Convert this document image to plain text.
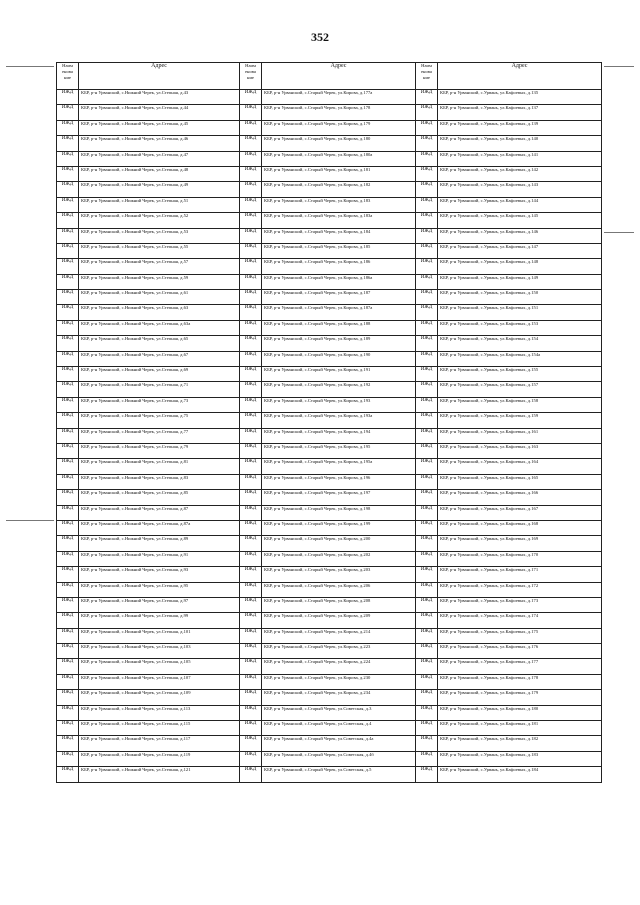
352
Наим енова ние	Адрес	Наим енова ние	Адрес	Наим енова ние	Адрес
ИЖД	КБР, р-н Урванский, с.Нижний Черек, ул.Степная, д.43	ИЖД	КБР, р-н Урванский, с.Старый Черек, ул.Кирова, д.177а	ИЖД	КБР, р-н Урванский, с.Урвань, ул.Кафоевых, д.135
ИЖД	КБР, р-н Урванский, с.Нижний Черек, ул.Степная, д.44	ИЖД	КБР, р-н Урванский, с.Старый Черек, ул.Кирова, д.178	ИЖД	КБР, р-н Урванский, с.Урвань, ул.Кафоевых, д.137
ИЖД	КБР, р-н Урванский, с.Нижний Черек, ул.Степная, д.45	ИЖД	КБР, р-н Урванский, с.Старый Черек, ул.Кирова, д.179	ИЖД	КБР, р-н Урванский, с.Урвань, ул.Кафоевых, д.139
ИЖД	КБР, р-н Урванский, с.Нижний Черек, ул.Степная, д.46	ИЖД	КБР, р-н Урванский, с.Старый Черек, ул.Кирова, д.180	ИЖД	КБР, р-н Урванский, с.Урвань, ул.Кафоевых, д.140
ИЖД	КБР, р-н Урванский, с.Нижний Черек, ул.Степная, д.47	ИЖД	КБР, р-н Урванский, с.Старый Черек, ул.Кирова, д.180а	ИЖД	КБР, р-н Урванский, с.Урвань, ул.Кафоевых, д.141
ИЖД	КБР, р-н Урванский, с.Нижний Черек, ул.Степная, д.48	ИЖД	КБР, р-н Урванский, с.Старый Черек, ул.Кирова, д.181	ИЖД	КБР, р-н Урванский, с.Урвань, ул.Кафоевых, д.142
ИЖД	КБР, р-н Урванский, с.Нижний Черек, ул.Степная, д.49	ИЖД	КБР, р-н Урванский, с.Старый Черек, ул.Кирова, д.182	ИЖД	КБР, р-н Урванский, с.Урвань, ул.Кафоевых, д.143
ИЖД	КБР, р-н Урванский, с.Нижний Черек, ул.Степная, д.51	ИЖД	КБР, р-н Урванский, с.Старый Черек, ул.Кирова, д.183	ИЖД	КБР, р-н Урванский, с.Урвань, ул.Кафоевых, д.144
ИЖД	КБР, р-н Урванский, с.Нижний Черек, ул.Степная, д.52	ИЖД	КБР, р-н Урванский, с.Старый Черек, ул.Кирова, д.183а	ИЖД	КБР, р-н Урванский, с.Урвань, ул.Кафоевых, д.145
ИЖД	КБР, р-н Урванский, с.Нижний Черек, ул.Степная, д.53	ИЖД	КБР, р-н Урванский, с.Старый Черек, ул.Кирова, д.184	ИЖД	КБР, р-н Урванский, с.Урвань, ул.Кафоевых, д.146
ИЖД	КБР, р-н Урванский, с.Нижний Черек, ул.Степная, д.55	ИЖД	КБР, р-н Урванский, с.Старый Черек, ул.Кирова, д.185	ИЖД	КБР, р-н Урванский, с.Урвань, ул.Кафоевых, д.147
ИЖД	КБР, р-н Урванский, с.Нижний Черек, ул.Степная, д.57	ИЖД	КБР, р-н Урванский, с.Старый Черек, ул.Кирова, д.186	ИЖД	КБР, р-н Урванский, с.Урвань, ул.Кафоевых, д.148
ИЖД	КБР, р-н Урванский, с.Нижний Черек, ул.Степная, д.59	ИЖД	КБР, р-н Урванский, с.Старый Черек, ул.Кирова, д.186а	ИЖД	КБР, р-н Урванский, с.Урвань, ул.Кафоевых, д.149
ИЖД	КБР, р-н Урванский, с.Нижний Черек, ул.Степная, д.61	ИЖД	КБР, р-н Урванский, с.Старый Черек, ул.Кирова, д.187	ИЖД	КБР, р-н Урванский, с.Урвань, ул.Кафоевых, д.150
ИЖД	КБР, р-н Урванский, с.Нижний Черек, ул.Степная, д.63	ИЖД	КБР, р-н Урванский, с.Старый Черек, ул.Кирова, д.187а	ИЖД	КБР, р-н Урванский, с.Урвань, ул.Кафоевых, д.151
ИЖД	КБР, р-н Урванский, с.Нижний Черек, ул.Степная, д.63а	ИЖД	КБР, р-н Урванский, с.Старый Черек, ул.Кирова, д.188	ИЖД	КБР, р-н Урванский, с.Урвань, ул.Кафоевых, д.153
ИЖД	КБР, р-н Урванский, с.Нижний Черек, ул.Степная, д.65	ИЖД	КБР, р-н Урванский, с.Старый Черек, ул.Кирова, д.189	ИЖД	КБР, р-н Урванский, с.Урвань, ул.Кафоевых, д.154
ИЖД	КБР, р-н Урванский, с.Нижний Черек, ул.Степная, д.67	ИЖД	КБР, р-н Урванский, с.Старый Черек, ул.Кирова, д.190	ИЖД	КБР, р-н Урванский, с.Урвань, ул.Кафоевых, д.154а
ИЖД	КБР, р-н Урванский, с.Нижний Черек, ул.Степная, д.69	ИЖД	КБР, р-н Урванский, с.Старый Черек, ул.Кирова, д.191	ИЖД	КБР, р-н Урванский, с.Урвань, ул.Кафоевых, д.155
ИЖД	КБР, р-н Урванский, с.Нижний Черек, ул.Степная, д.71	ИЖД	КБР, р-н Урванский, с.Старый Черек, ул.Кирова, д.192	ИЖД	КБР, р-н Урванский, с.Урвань, ул.Кафоевых, д.157
ИЖД	КБР, р-н Урванский, с.Нижний Черек, ул.Степная, д.73	ИЖД	КБР, р-н Урванский, с.Старый Черек, ул.Кирова, д.193	ИЖД	КБР, р-н Урванский, с.Урвань, ул.Кафоевых, д.158
ИЖД	КБР, р-н Урванский, с.Нижний Черек, ул.Степная, д.75	ИЖД	КБР, р-н Урванский, с.Старый Черек, ул.Кирова, д.193а	ИЖД	КБР, р-н Урванский, с.Урвань, ул.Кафоевых, д.159
ИЖД	КБР, р-н Урванский, с.Нижний Черек, ул.Степная, д.77	ИЖД	КБР, р-н Урванский, с.Старый Черек, ул.Кирова, д.194	ИЖД	КБР, р-н Урванский, с.Урвань, ул.Кафоевых, д.161
ИЖД	КБР, р-н Урванский, с.Нижний Черек, ул.Степная, д.79	ИЖД	КБР, р-н Урванский, с.Старый Черек, ул.Кирова, д.195	ИЖД	КБР, р-н Урванский, с.Урвань, ул.Кафоевых, д.163
ИЖД	КБР, р-н Урванский, с.Нижний Черек, ул.Степная, д.81	ИЖД	КБР, р-н Урванский, с.Старый Черек, ул.Кирова, д.195а	ИЖД	КБР, р-н Урванский, с.Урвань, ул.Кафоевых, д.164
ИЖД	КБР, р-н Урванский, с.Нижний Черек, ул.Степная, д.83	ИЖД	КБР, р-н Урванский, с.Старый Черек, ул.Кирова, д.196	ИЖД	КБР, р-н Урванский, с.Урвань, ул.Кафоевых, д.165
ИЖД	КБР, р-н Урванский, с.Нижний Черек, ул.Степная, д.85	ИЖД	КБР, р-н Урванский, с.Старый Черек, ул.Кирова, д.197	ИЖД	КБР, р-н Урванский, с.Урвань, ул.Кафоевых, д.166
ИЖД	КБР, р-н Урванский, с.Нижний Черек, ул.Степная, д.87	ИЖД	КБР, р-н Урванский, с.Старый Черек, ул.Кирова, д.198	ИЖД	КБР, р-н Урванский, с.Урвань, ул.Кафоевых, д.167
ИЖД	КБР, р-н Урванский, с.Нижний Черек, ул.Степная, д.87а	ИЖД	КБР, р-н Урванский, с.Старый Черек, ул.Кирова, д.199	ИЖД	КБР, р-н Урванский, с.Урвань, ул.Кафоевых, д.168
ИЖД	КБР, р-н Урванский, с.Нижний Черек, ул.Степная, д.89	ИЖД	КБР, р-н Урванский, с.Старый Черек, ул.Кирова, д.200	ИЖД	КБР, р-н Урванский, с.Урвань, ул.Кафоевых, д.169
ИЖД	КБР, р-н Урванский, с.Нижний Черек, ул.Степная, д.91	ИЖД	КБР, р-н Урванский, с.Старый Черек, ул.Кирова, д.202	ИЖД	КБР, р-н Урванский, с.Урвань, ул.Кафоевых, д.170
ИЖД	КБР, р-н Урванский, с.Нижний Черек, ул.Степная, д.93	ИЖД	КБР, р-н Урванский, с.Старый Черек, ул.Кирова, д.203	ИЖД	КБР, р-н Урванский, с.Урвань, ул.Кафоевых, д.171
ИЖД	КБР, р-н Урванский, с.Нижний Черек, ул.Степная, д.95	ИЖД	КБР, р-н Урванский, с.Старый Черек, ул.Кирова, д.206	ИЖД	КБР, р-н Урванский, с.Урвань, ул.Кафоевых, д.172
ИЖД	КБР, р-н Урванский, с.Нижний Черек, ул.Степная, д.97	ИЖД	КБР, р-н Урванский, с.Старый Черек, ул.Кирова, д.208	ИЖД	КБР, р-н Урванский, с.Урвань, ул.Кафоевых, д.173
ИЖД	КБР, р-н Урванский, с.Нижний Черек, ул.Степная, д.99	ИЖД	КБР, р-н Урванский, с.Старый Черек, ул.Кирова, д.209	ИЖД	КБР, р-н Урванский, с.Урвань, ул.Кафоевых, д.174
ИЖД	КБР, р-н Урванский, с.Нижний Черек, ул.Степная, д.101	ИЖД	КБР, р-н Урванский, с.Старый Черек, ул.Кирова, д.214	ИЖД	КБР, р-н Урванский, с.Урвань, ул.Кафоевых, д.175
ИЖД	КБР, р-н Урванский, с.Нижний Черек, ул.Степная, д.103	ИЖД	КБР, р-н Урванский, с.Старый Черек, ул.Кирова, д.223	ИЖД	КБР, р-н Урванский, с.Урвань, ул.Кафоевых, д.176
ИЖД	КБР, р-н Урванский, с.Нижний Черек, ул.Степная, д.105	ИЖД	КБР, р-н Урванский, с.Старый Черек, ул.Кирова, д.224	ИЖД	КБР, р-н Урванский, с.Урвань, ул.Кафоевых, д.177
ИЖД	КБР, р-н Урванский, с.Нижний Черек, ул.Степная, д.107	ИЖД	КБР, р-н Урванский, с.Старый Черек, ул.Кирова, д.230	ИЖД	КБР, р-н Урванский, с.Урвань, ул.Кафоевых, д.178
ИЖД	КБР, р-н Урванский, с.Нижний Черек, ул.Степная, д.109	ИЖД	КБР, р-н Урванский, с.Старый Черек, ул.Кирова, д.234	ИЖД	КБР, р-н Урванский, с.Урвань, ул.Кафоевых, д.179
ИЖД	КБР, р-н Урванский, с.Нижний Черек, ул.Степная, д.113	ИЖД	КБР, р-н Урванский, с.Старый Черек, ул.Советская, д.3	ИЖД	КБР, р-н Урванский, с.Урвань, ул.Кафоевых, д.180
ИЖД	КБР, р-н Урванский, с.Нижний Черек, ул.Степная, д.115	ИЖД	КБР, р-н Урванский, с.Старый Черек, ул.Советская, д.4	ИЖД	КБР, р-н Урванский, с.Урвань, ул.Кафоевых, д.181
ИЖД	КБР, р-н Урванский, с.Нижний Черек, ул.Степная, д.117	ИЖД	КБР, р-н Урванский, с.Старый Черек, ул.Советская, д.4а	ИЖД	КБР, р-н Урванский, с.Урвань, ул.Кафоевых, д.182
ИЖД	КБР, р-н Урванский, с.Нижний Черек, ул.Степная, д.119	ИЖД	КБР, р-н Урванский, с.Старый Черек, ул.Советская, д.4б	ИЖД	КБР, р-н Урванский, с.Урвань, ул.Кафоевых, д.183
ИЖД	КБР, р-н Урванский, с.Нижний Черек, ул.Степная, д.121	ИЖД	КБР, р-н Урванский, с.Старый Черек, ул.Советская, д.5	ИЖД	КБР, р-н Урванский, с.Урвань, ул.Кафоевых, д.184
